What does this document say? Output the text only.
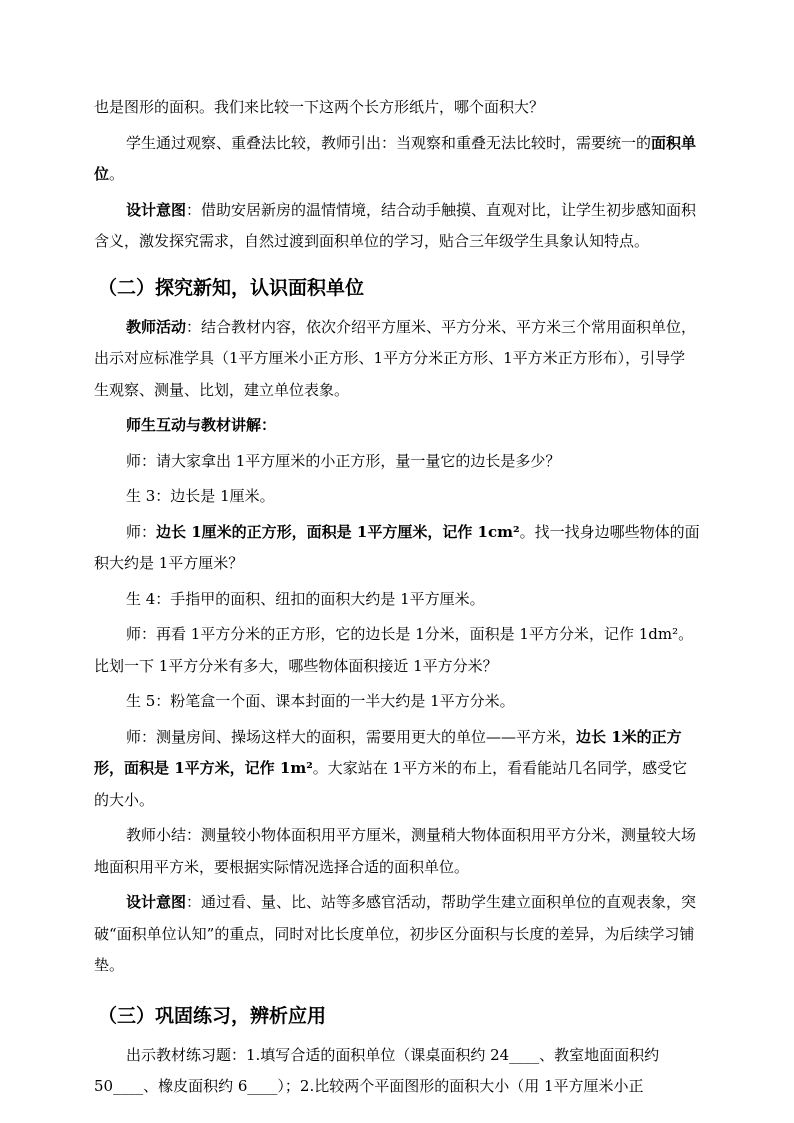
也是图形的面积。我们来比较一下这两个长方形纸片，哪个面积大？

学生通过观察、重叠法比较，教师引出：当观察和重叠无法比较时，需要统一的面积单位。

设计意图：借助安居新房的温情情境，结合动手触摸、直观对比，让学生初步感知面积含义，激发探究需求，自然过渡到面积单位的学习，贴合三年级学生具象认知特点。

（二）探究新知，认识面积单位

教师活动：结合教材内容，依次介绍平方厘米、平方分米、平方米三个常用面积单位，出示对应标准学具（1平方厘米小正方形、1平方分米正方形、1平方米正方形布），引导学生观察、测量、比划，建立单位表象。

师生互动与教材讲解：

师：请大家拿出 1平方厘米的小正方形，量一量它的边长是多少？

生 3：边长是 1厘米。

师：边长 1厘米的正方形，面积是 1平方厘米，记作 1cm²。找一找身边哪些物体的面积大约是 1平方厘米？

生 4：手指甲的面积、纽扣的面积大约是 1平方厘米。

师：再看 1平方分米的正方形，它的边长是 1分米，面积是 1平方分米，记作 1dm²。比划一下 1平方分米有多大，哪些物体面积接近 1平方分米？

生 5：粉笔盒一个面、课本封面的一半大约是 1平方分米。

师：测量房间、操场这样大的面积，需要用更大的单位——平方米，边长 1米的正方形，面积是 1平方米，记作 1m²。大家站在 1平方米的布上，看看能站几名同学，感受它的大小。

教师小结：测量较小物体面积用平方厘米，测量稍大物体面积用平方分米，测量较大场地面积用平方米，要根据实际情况选择合适的面积单位。

设计意图：通过看、量、比、站等多感官活动，帮助学生建立面积单位的直观表象，突破“面积单位认知”的重点，同时对比长度单位，初步区分面积与长度的差异，为后续学习铺垫。

（三）巩固练习，辨析应用

出示教材练习题：1.填写合适的面积单位（课桌面积约 24____、教室地面面积约 50____、橡皮面积约 6____）；2.比较两个平面图形的面积大小（用 1平方厘米小正
